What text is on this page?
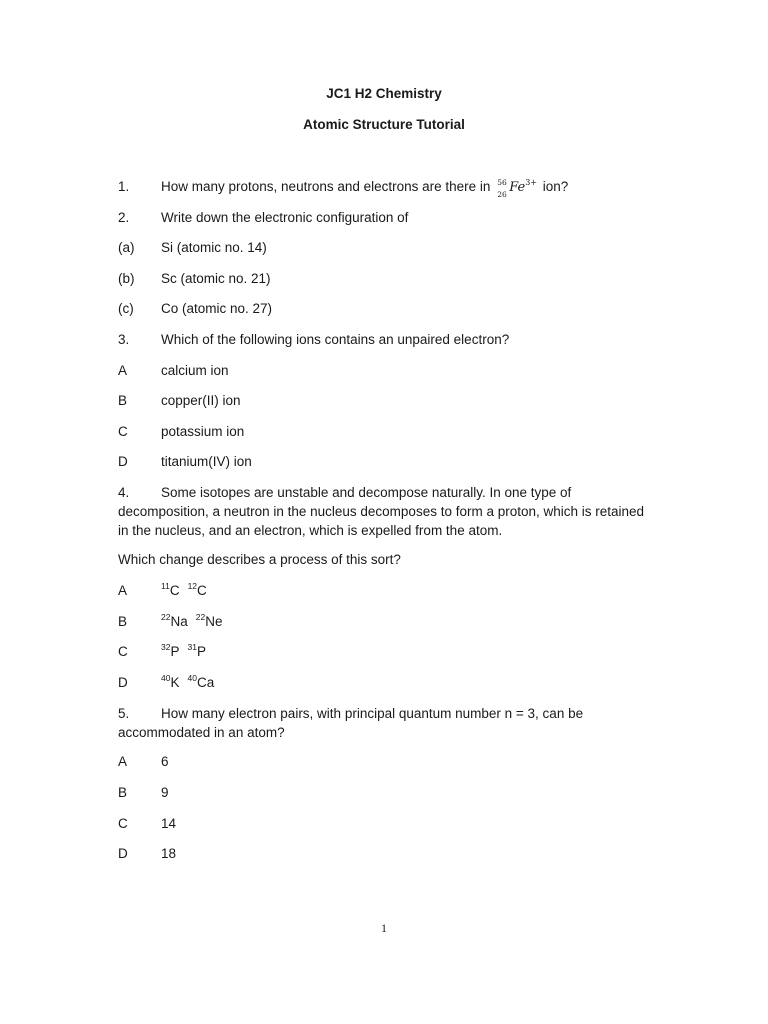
JC1 H2 Chemistry
Atomic Structure Tutorial
1. How many protons, neutrons and electrons are there in 56
26 $Fe^{3+}$ ion?
2. Write down the electronic configuration of
(a) Si (atomic no. 14)
(b) Sc (atomic no. 21)
(c) Co (atomic no. 27)
3. Which of the following ions contains an unpaired electron?
A	calcium ion
B	copper(II) ion
C potassium ion
D titanium(IV) ion
4. Some isotopes are unstable and decompose naturally. In one type of decomposition, a neutron in the nucleus decomposes to form a proton, which is retained in the nucleus, and an electron, which is expelled from the atom.
Which change describes a process of this sort?
A	$^{11}$C $^{12}$C
B	$^{22}$Na $^{22}$Ne
C	$^{32}$P $^{31}$P
D	$^{40}$K $^{40}$Ca
5. How many electron pairs, with principal quantum number n = 3, can be accommodated in an atom?
A	6
B	9
C 14
D 18
1
